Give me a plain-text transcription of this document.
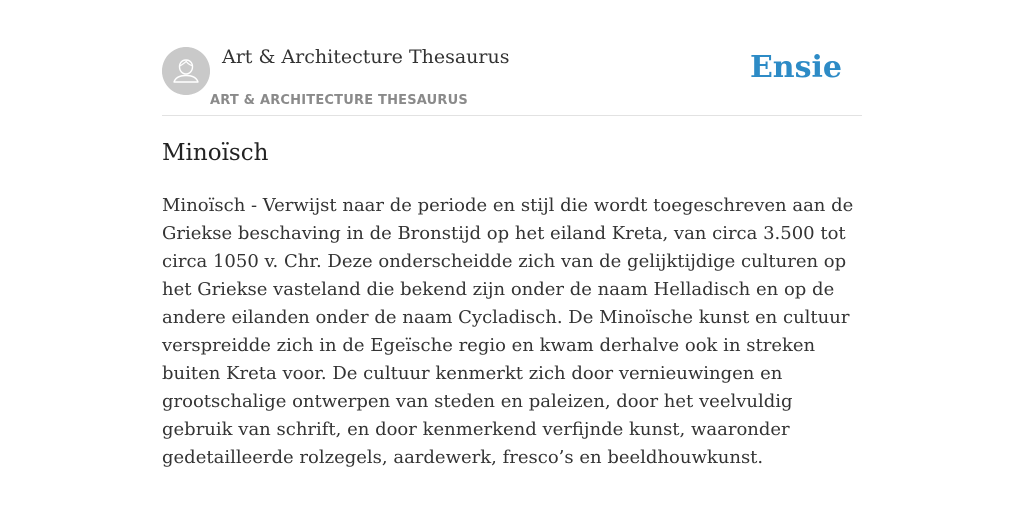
Art & Architecture Thesaurus
ART & ARCHITECTURE THESAURUS
Ensie
Minoïsch

Minoïsch - Verwijst naar de periode en stijl die wordt toegeschreven aan de Griekse beschaving in de Bronstijd op het eiland Kreta, van circa 3.500 tot circa 1050 v. Chr. Deze onderscheidde zich van de gelijktijdige culturen op het Griekse vasteland die bekend zijn onder de naam Helladisch en op de andere eilanden onder de naam Cycladisch. De Minoïsche kunst en cultuur verspreidde zich in de Egeïsche regio en kwam derhalve ook in streken buiten Kreta voor. De cultuur kenmerkt zich door vernieuwingen en grootschalige ontwerpen van steden en paleizen, door het veelvuldig gebruik van schrift, en door kenmerkend verfijnde kunst, waaronder gedetailleerde rolzegels, aardewerk, fresco’s en beeldhouwkunst.
